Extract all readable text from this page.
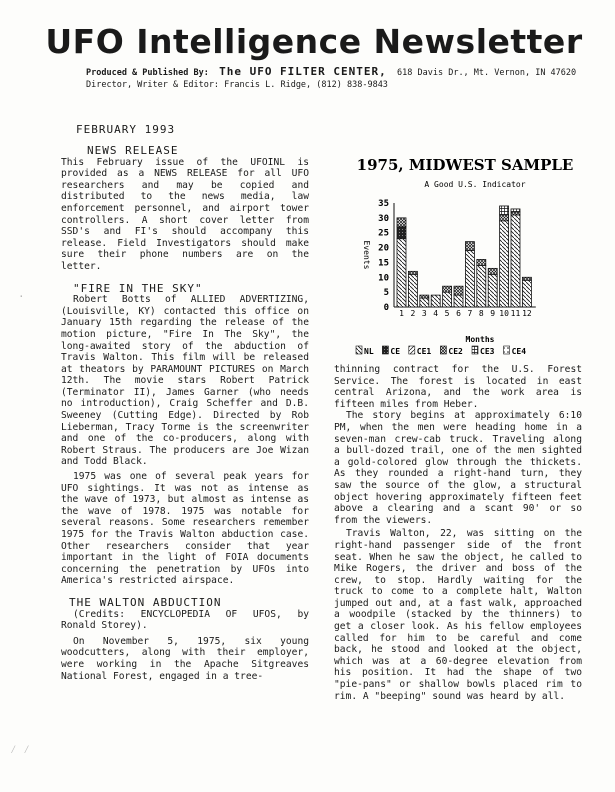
UFO Intelligence Newsletter
Produced & Published By: The UFO FILTER CENTER, 618 Davis Dr., Mt. Vernon, IN 47620
Director, Writer & Editor: Francis L. Ridge, (812) 838-9843
FEBRUARY 1993
NEWS RELEASE

This February issue of the UFOINL is provided as a NEWS RELEASE for all UFO researchers and may be copied and distributed to the news media, law enforcement personnel, and airport tower controllers. A short cover letter from SSD's and FI's should accompany this release. Field Investigators should make sure their phone numbers are on the letter.

"FIRE IN THE SKY"

Robert Botts of ALLIED ADVERTIZING, (Louisville, KY) contacted this office on January 15th regarding the release of the motion picture, "Fire In The Sky", the long-awaited story of the abduction of Travis Walton. This film will be released at theators by PARAMOUNT PICTURES on March 12th. The movie stars Robert Patrick (Terminator II), James Garner (who needs no introduction), Craig Scheffer and D.B. Sweeney (Cutting Edge). Directed by Rob Lieberman, Tracy Torme is the screenwriter and one of the co-producers, along with Robert Straus. The producers are Joe Wizan and Todd Black.

1975 was one of several peak years for UFO sightings. It was not as intense as the wave of 1973, but almost as intense as the wave of 1978. 1975 was notable for several reasons. Some researchers remember 1975 for the Travis Walton abduction case. Other researchers consider that year important in the light of FOIA documents concerning the penetration by UFOs into America's restricted airspace.

THE WALTON ABDUCTION

(Credits: ENCYCLOPEDIA OF UFOS, by Ronald Storey).

On November 5, 1975, six young woodcutters, along with their employer, were working in the Apache Sitgreaves National Forest, engaged in a tree-

1975, MIDWEST SAMPLE
A Good U.S. Indicator
0
5
10
15
20
25
30
35
Events
1 2 3 4 5 6 7 8 9 10 11 12
Months
NL CE CE1 CE2 CE3 CE4

thinning contract for the U.S. Forest Service. The forest is located in east central Arizona, and the work area is fifteen miles from Heber.

The story begins at approximately 6:10 PM, when the men were heading home in a seven-man crew-cab truck. Traveling along a bull-dozed trail, one of the men sighted a gold-colored glow through the thickets. As they rounded a right-hand turn, they saw the source of the glow, a structural object hovering approximately fifteen feet above a clearing and a scant 90' or so from the viewers.

Travis Walton, 22, was sitting on the right-hand passenger side of the front seat. When he saw the object, he called to Mike Rogers, the driver and boss of the crew, to stop. Hardly waiting for the truck to come to a complete halt, Walton jumped out and, at a fast walk, approached a woodpile (stacked by the thinners) to get a closer look. As his fellow employees called for him to be careful and come back, he stood and looked at the object, which was at a 60-degree elevation from his position. It had the shape of two "pie-pans" or shallow bowls placed rim to rim. A "beeping" sound was heard by all.

⁄ ⁄
·
